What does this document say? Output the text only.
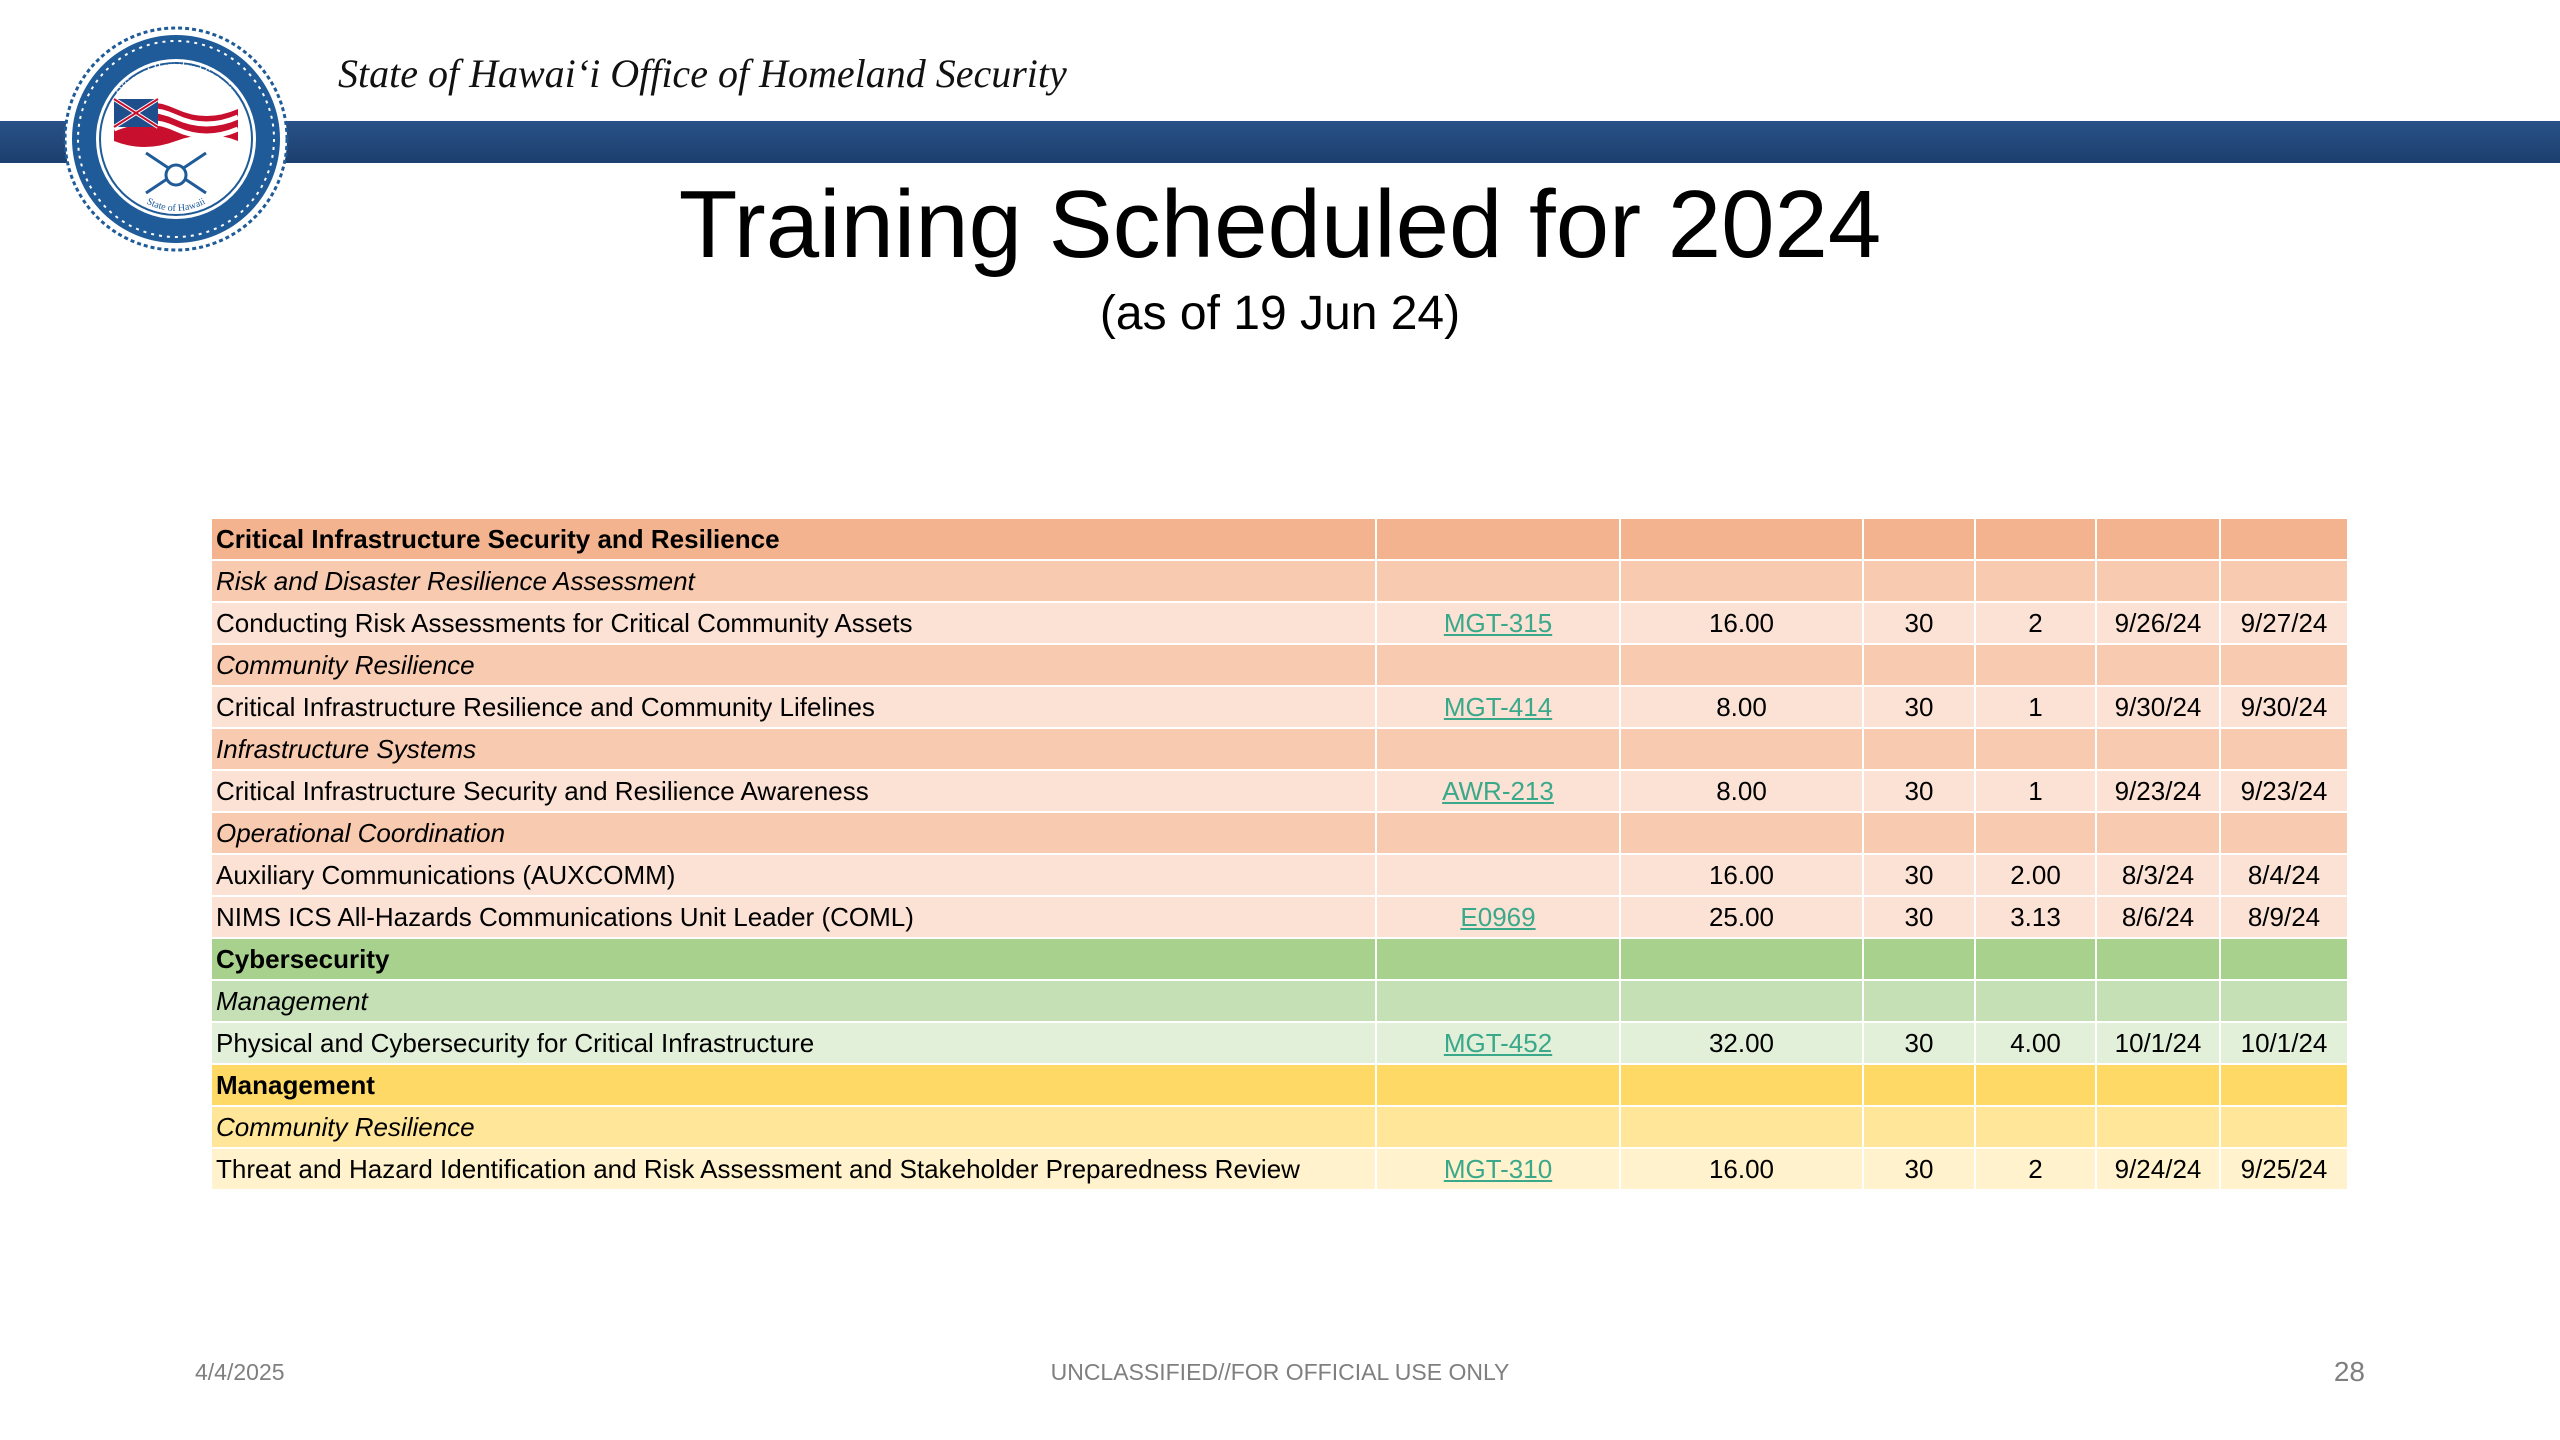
Office of Homeland Security
State of Hawaii
State of Hawaiʻi Office of Homeland Security
Training Scheduled for 2024
(as of 19 Jun 24)
Critical Infrastructure Security and Resilience						
Risk and Disaster Resilience Assessment						
Conducting Risk Assessments for Critical Community Assets	MGT-315	16.00	30	2	9/26/24	9/27/24
Community Resilience						
Critical Infrastructure Resilience and Community Lifelines	MGT-414	8.00	30	1	9/30/24	9/30/24
Infrastructure Systems						
Critical Infrastructure Security and Resilience Awareness	AWR-213	8.00	30	1	9/23/24	9/23/24
Operational Coordination						
Auxiliary Communications (AUXCOMM)		16.00	30	2.00	8/3/24	8/4/24
NIMS ICS All-Hazards Communications Unit Leader (COML)	E0969	25.00	30	3.13	8/6/24	8/9/24
Cybersecurity						
Management						
Physical and Cybersecurity for Critical Infrastructure	MGT-452	32.00	30	4.00	10/1/24	10/1/24
Management						
Community Resilience						
Threat and Hazard Identification and Risk Assessment and Stakeholder Preparedness Review	MGT-310	16.00	30	2	9/24/24	9/25/24
4/4/2025	UNCLASSIFIED//FOR OFFICIAL USE ONLY	28
